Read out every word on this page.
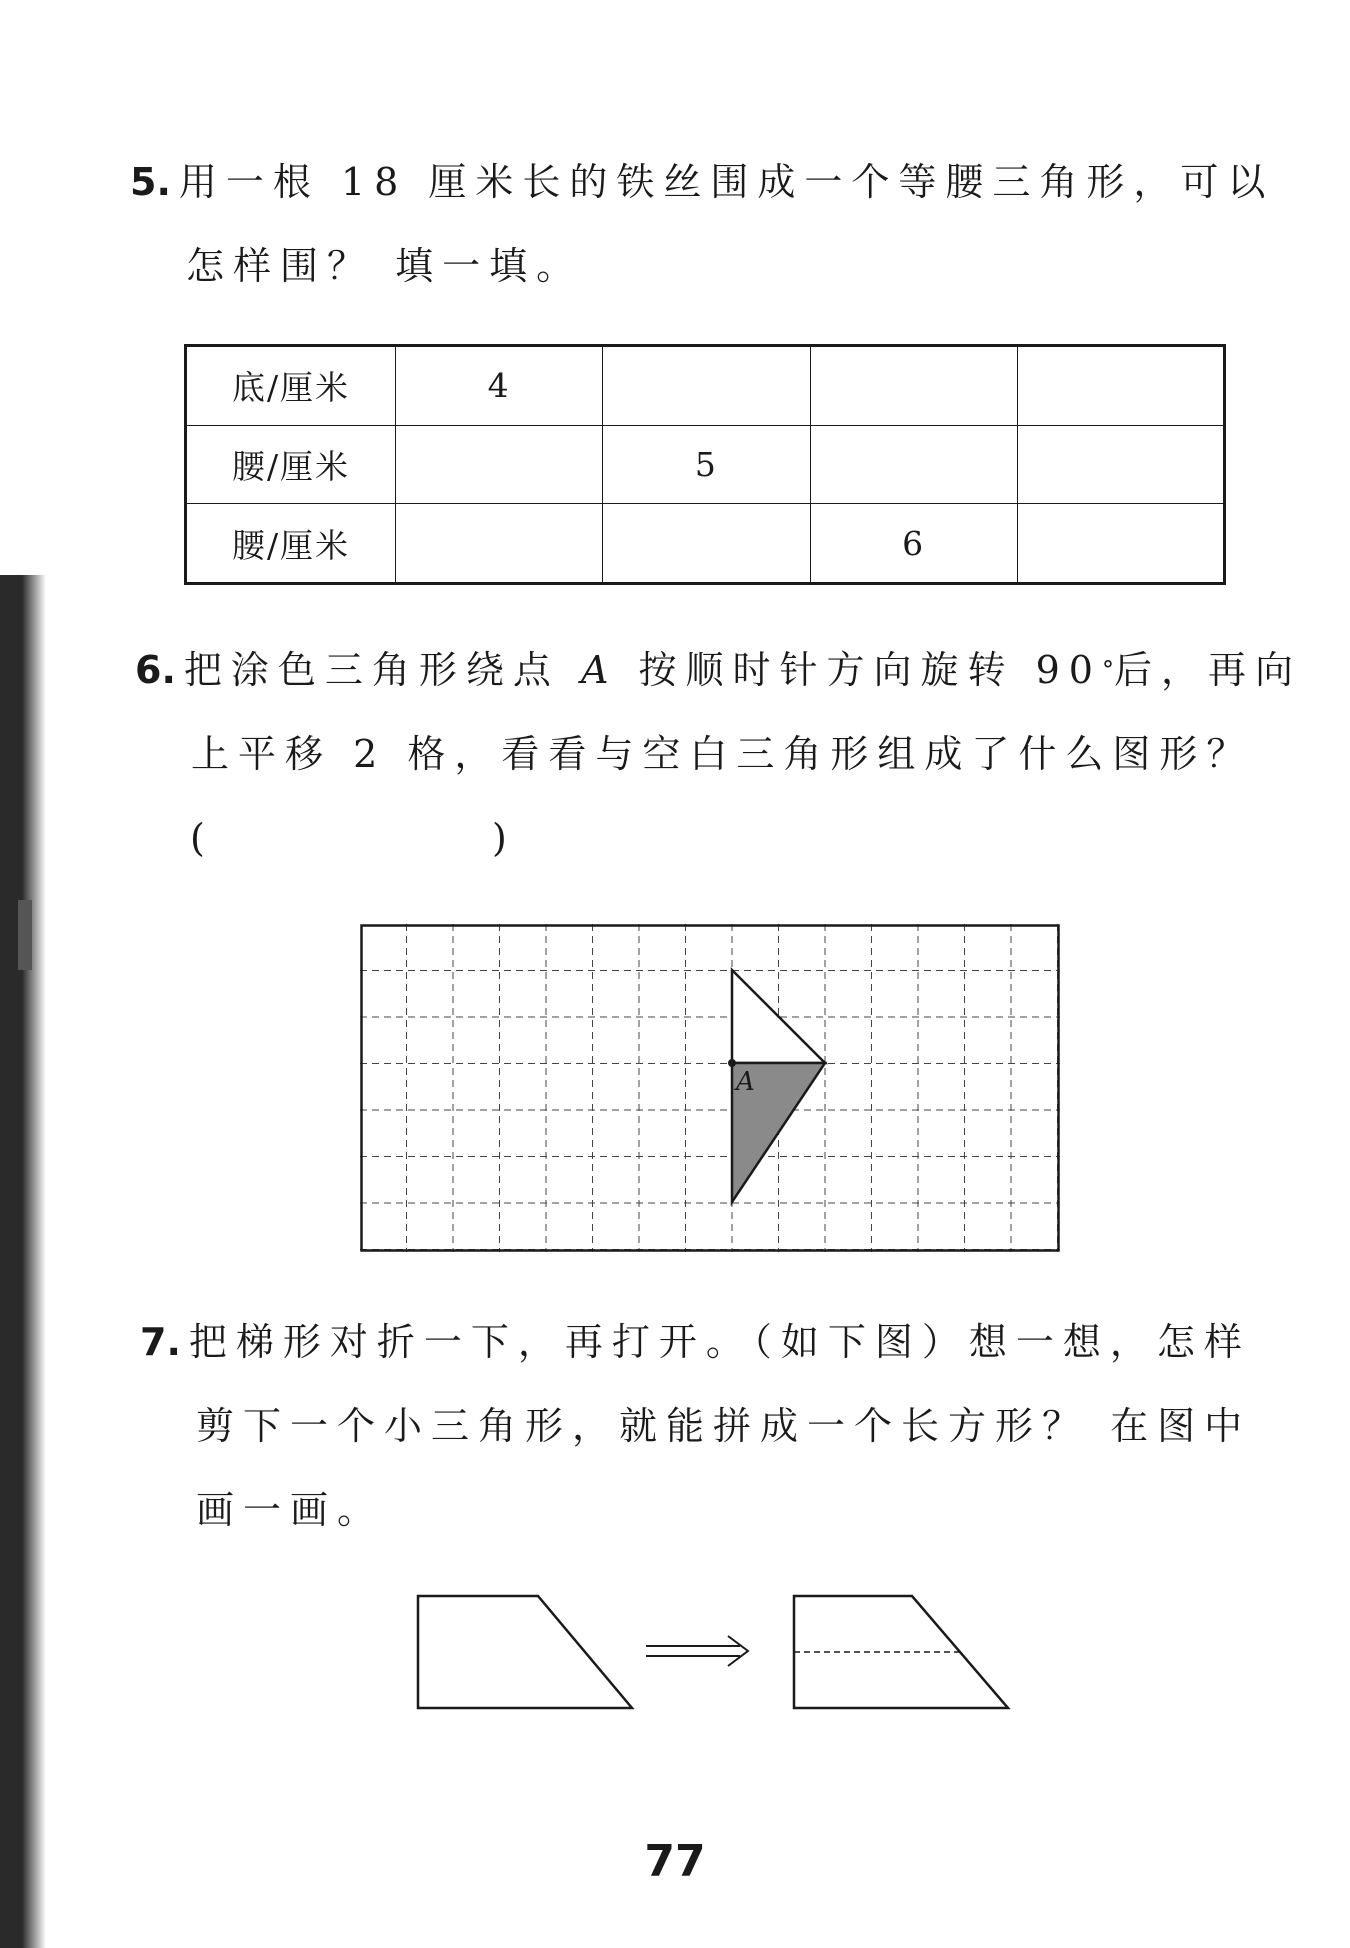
5. 用一根 18 厘米长的铁丝围成一个等腰三角形，可以
怎样围？ 填一填。
底/厘米	4			
腰/厘米		5		
腰/厘米			6	
6. 把涂色三角形绕点 A 按顺时针方向旋转 90°后，再向
上平移 2 格，看看与空白三角形组成了什么图形？
(	)
A
7. 把梯形对折一下，再打开。（如下图）想一想，怎样
剪下一个小三角形，就能拼成一个长方形？ 在图中
画一画。
77
